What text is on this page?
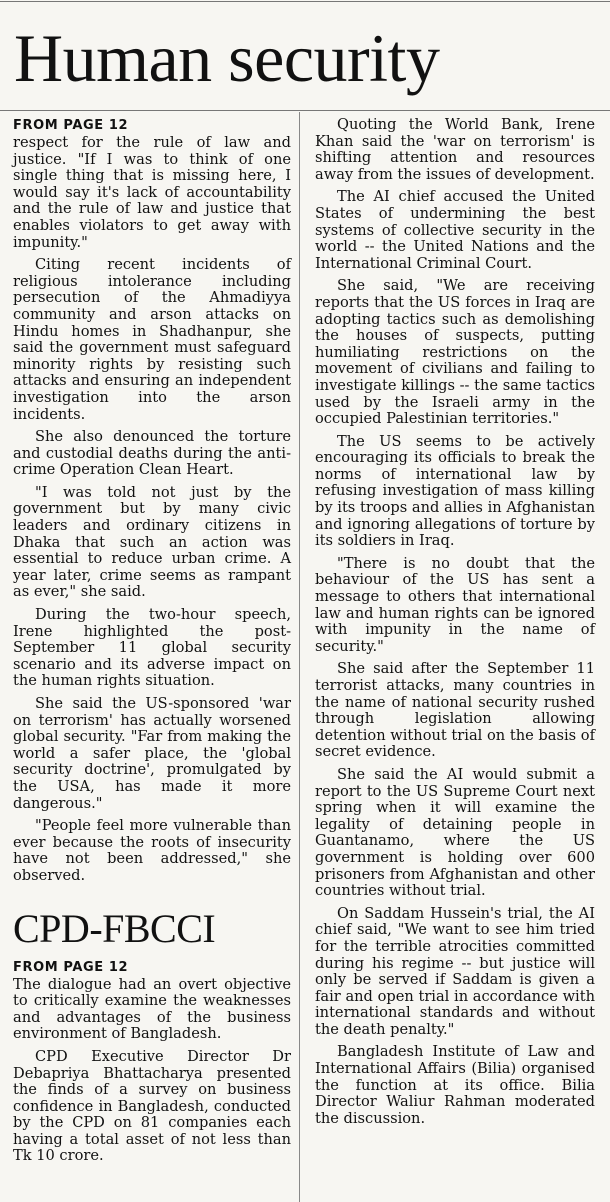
Human security
FROM PAGE 12

respect for the rule of law and justice. "If I was to think of one single thing that is missing here, I would say it's lack of accountability and the rule of law and justice that enables violators to get away with impunity."

Citing recent incidents of religious intolerance including persecution of the Ahmadiyya community and arson attacks on Hindu homes in Shadhanpur, she said the government must safeguard minority rights by resisting such attacks and ensuring an independent investigation into the arson incidents.

She also denounced the torture and custodial deaths during the anti-crime Operation Clean Heart.

"I was told not just by the government but by many civic leaders and ordinary citizens in Dhaka that such an action was essential to reduce urban crime. A year later, crime seems as rampant as ever," she said.

During the two-hour speech, Irene highlighted the post-September 11 global security scenario and its adverse impact on the human rights situation.

She said the US-sponsored 'war on terrorism' has actually worsened global security. "Far from making the world a safer place, the 'global security doctrine', promulgated by the USA, has made it more dangerous."

"People feel more vulnerable than ever because the roots of insecurity have not been addressed," she observed.

CPD-FBCCI
FROM PAGE 12

The dialogue had an overt objective to critically examine the weaknesses and advantages of the business environment of Bangladesh.

CPD Executive Director Dr Debapriya Bhattacharya presented the finds of a survey on business confidence in Bangladesh, conducted by the CPD on 81 companies each having a total asset of not less than Tk 10 crore.

Quoting the World Bank, Irene Khan said the 'war on terrorism' is shifting attention and resources away from the issues of development.

The AI chief accused the United States of undermining the best systems of collective security in the world -- the United Nations and the International Criminal Court.

She said, "We are receiving reports that the US forces in Iraq are adopting tactics such as demolishing the houses of suspects, putting humiliating restrictions on the movement of civilians and failing to investigate killings -- the same tactics used by the Israeli army in the occupied Palestinian territories."

The US seems to be actively encouraging its officials to break the norms of international law by refusing investigation of mass killing by its troops and allies in Afghanistan and ignoring allegations of torture by its soldiers in Iraq.

"There is no doubt that the behaviour of the US has sent a message to others that international law and human rights can be ignored with impunity in the name of security."

She said after the September 11 terrorist attacks, many countries in the name of national security rushed through legislation allowing detention without trial on the basis of secret evidence.

She said the AI would submit a report to the US Supreme Court next spring when it will examine the legality of detaining people in Guantanamo, where the US government is holding over 600 prisoners from Afghanistan and other countries without trial.

On Saddam Hussein's trial, the AI chief said, "We want to see him tried for the terrible atrocities committed during his regime -- but justice will only be served if Saddam is given a fair and open trial in accordance with international standards and without the death penalty."

Bangladesh Institute of Law and International Affairs (Bilia) organised the function at its office. Bilia Director Waliur Rahman moderated the discussion.
